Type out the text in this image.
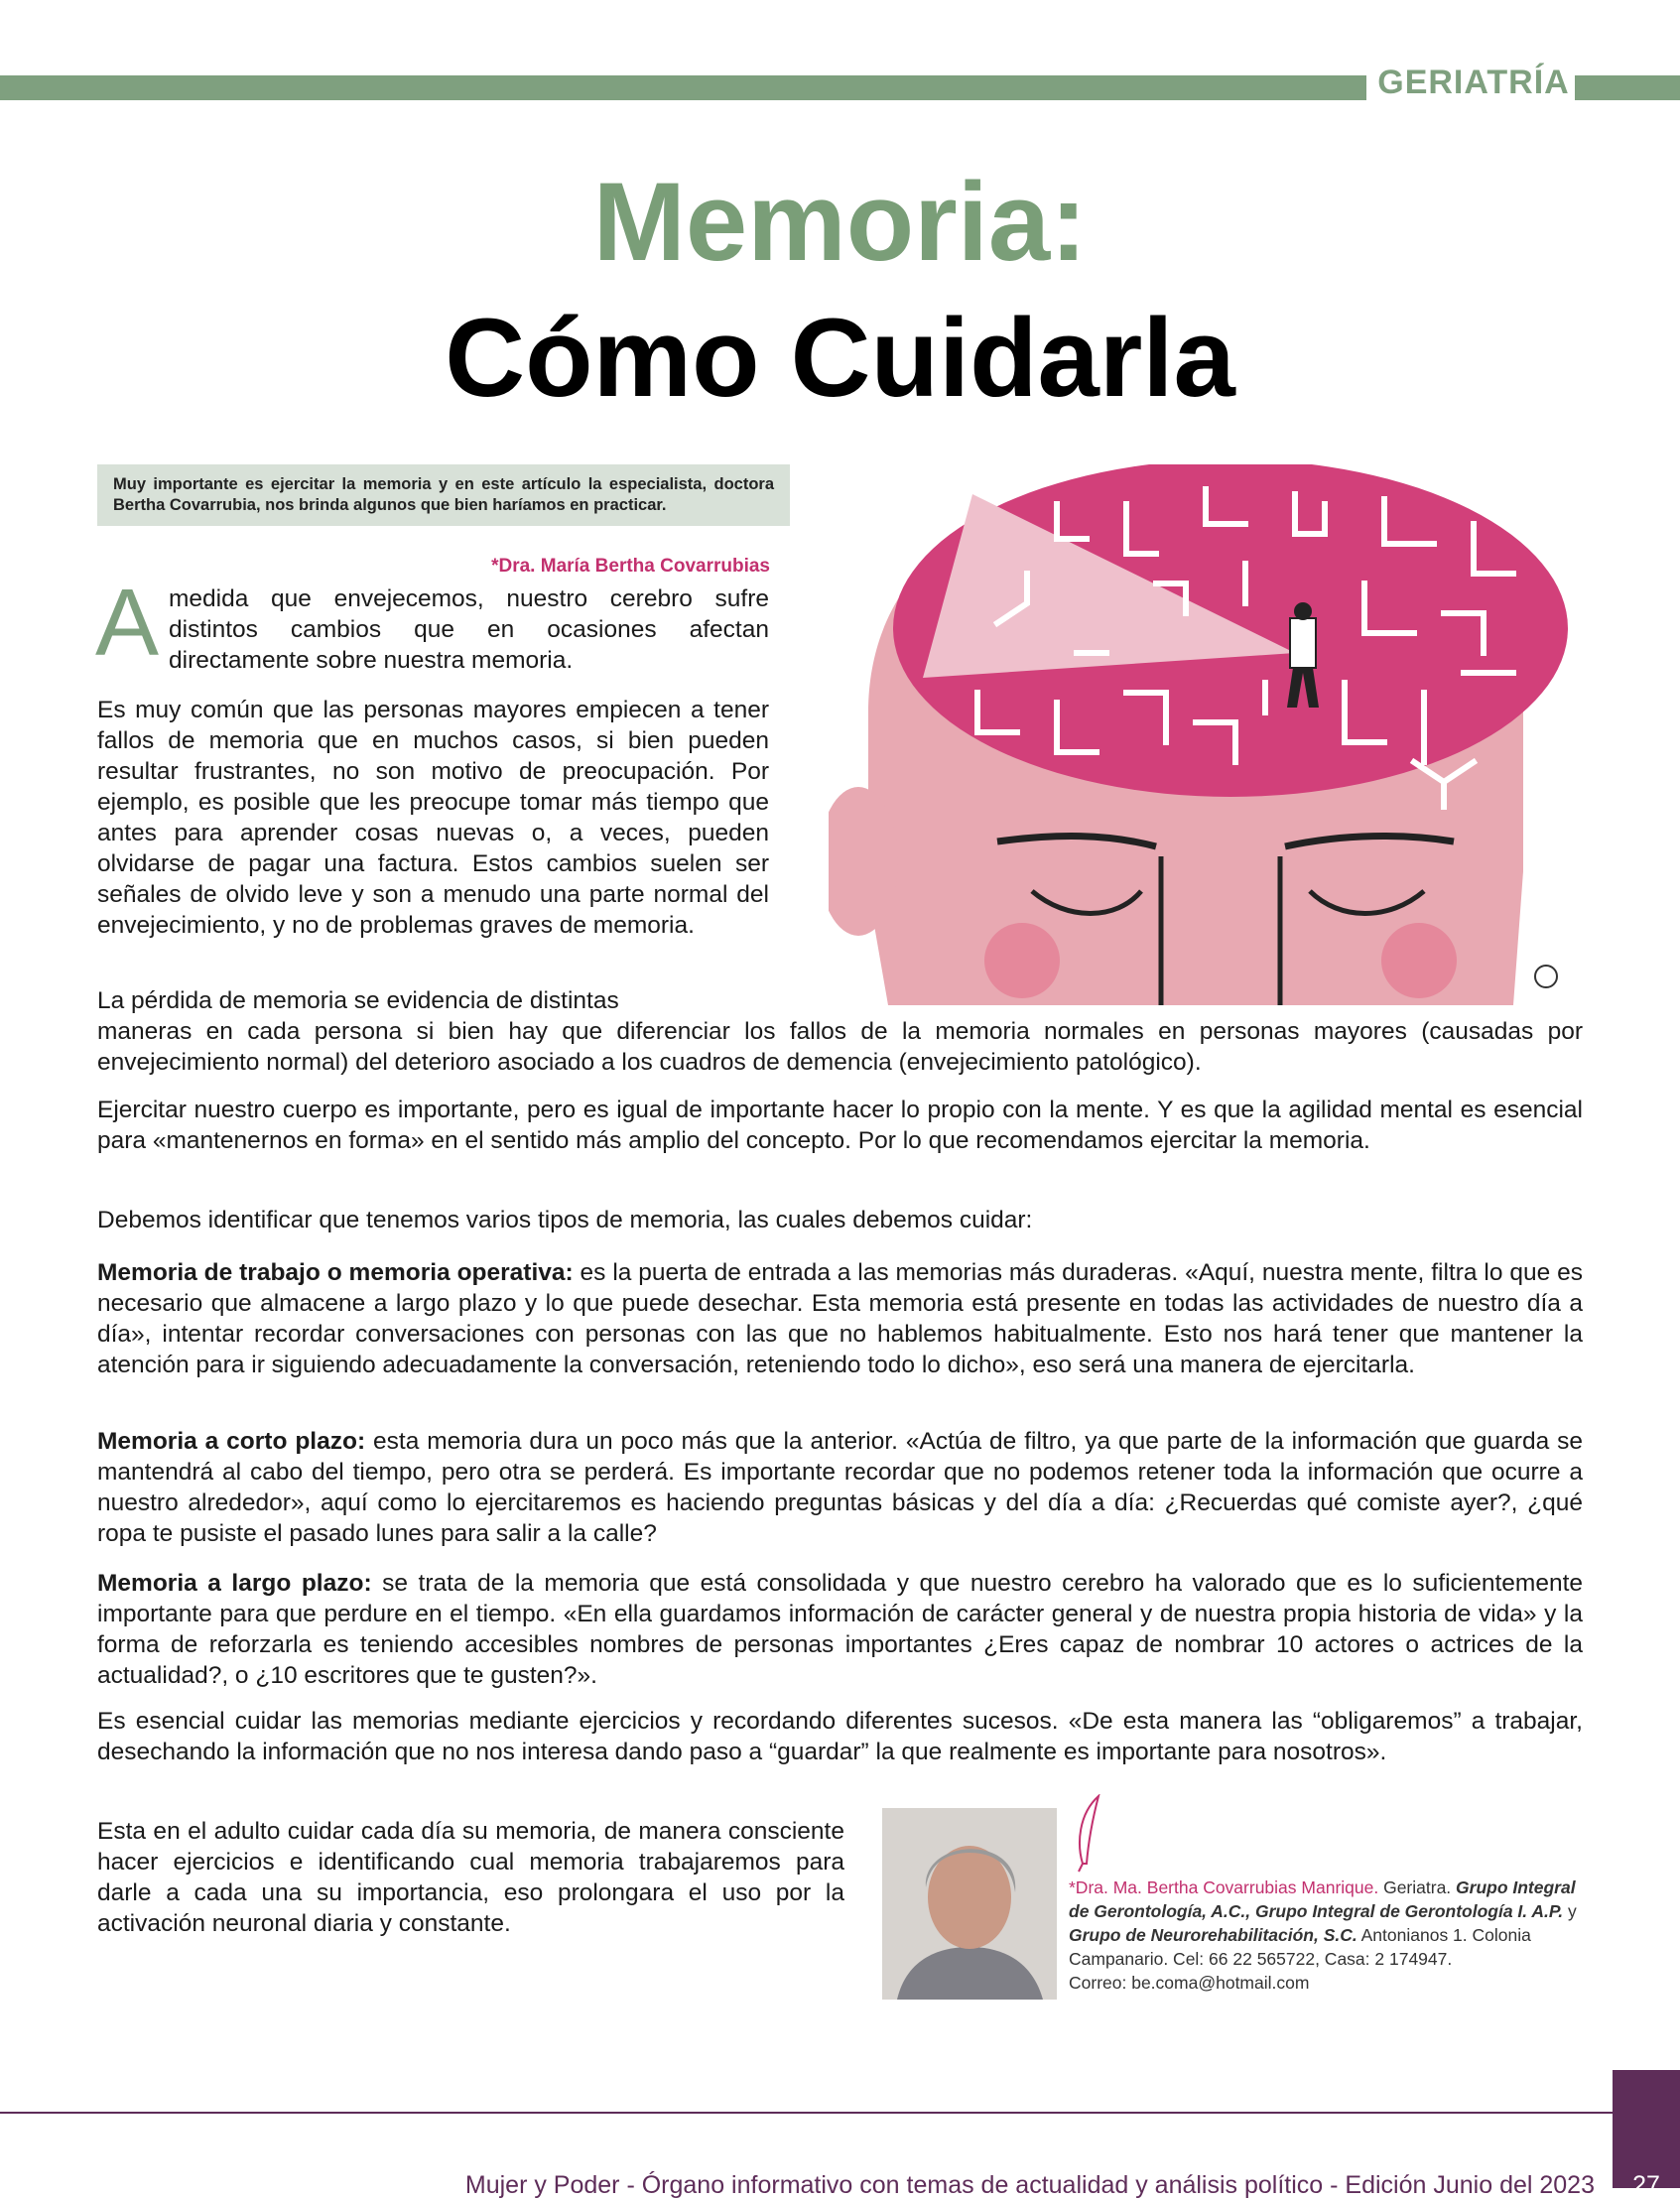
GERIATRÍA
Memoria:
Cómo Cuidarla
Muy importante es ejercitar la memoria y en este artículo la especialista, doctora Bertha Covarrubia, nos brinda algunos que bien haríamos en practicar.
*Dra. María Bertha Covarrubias
A medida que envejecemos, nuestro cerebro sufre distintos cambios que en ocasiones afectan directamente sobre nuestra memoria.

Es muy común que las personas mayores empiecen a tener fallos de memoria que en muchos casos, si bien pueden resultar frustrantes, no son motivo de preocupación. Por ejemplo, es posible que les preocupe tomar más tiempo que antes para aprender cosas nuevas o, a veces, pueden olvidarse de pagar una factura. Estos cambios suelen ser señales de olvido leve y son a menudo una parte normal del envejecimiento, y no de problemas graves de memoria.

La pérdida de memoria se evidencia de distintas

maneras en cada persona si bien hay que diferenciar los fallos de la memoria normales en personas mayores (causadas por envejecimiento normal) del deterioro asociado a los cuadros de demencia (envejecimiento patológico).

Ejercitar nuestro cuerpo es importante, pero es igual de importante hacer lo propio con la mente. Y es que la agilidad mental es esencial para «mantenernos en forma» en el sentido más amplio del concepto. Por lo que recomendamos ejercitar la memoria.

Debemos identificar que tenemos varios tipos de memoria, las cuales debemos cuidar:

Memoria de trabajo o memoria operativa: es la puerta de entrada a las memorias más duraderas. «Aquí, nuestra mente, filtra lo que es necesario que almacene a largo plazo y lo que puede desechar. Esta memoria está presente en todas las actividades de nuestro día a día», intentar recordar conversaciones con personas con las que no hablemos habitualmente. Esto nos hará tener que mantener la atención para ir siguiendo adecuadamente la conversación, reteniendo todo lo dicho», eso será una manera de ejercitarla.

Memoria a corto plazo: esta memoria dura un poco más que la anterior. «Actúa de filtro, ya que parte de la información que guarda se mantendrá al cabo del tiempo, pero otra se perderá. Es importante recordar que no podemos retener toda la información que ocurre a nuestro alrededor», aquí como lo ejercitaremos es haciendo preguntas básicas y del día a día: ¿Recuerdas qué comiste ayer?, ¿qué ropa te pusiste el pasado lunes para salir a la calle?

Memoria a largo plazo: se trata de la memoria que está consolidada y que nuestro cerebro ha valorado que es lo suficientemente importante para que perdure en el tiempo. «En ella guardamos información de carácter general y de nuestra propia historia de vida» y la forma de reforzarla es teniendo accesibles nombres de personas importantes ¿Eres capaz de nombrar 10 actores o actrices de la actualidad?, o ¿10 escritores que te gusten?».

Es esencial cuidar las memorias mediante ejercicios y recordando diferentes sucesos. «De esta manera las “obligaremos” a trabajar, desechando la información que no nos interesa dando paso a “guardar” la que realmente es importante para nosotros».

Esta en el adulto cuidar cada día su memoria, de manera consciente hacer ejercicios e identificando cual memoria trabajaremos para darle a cada una su importancia, eso prolongara el uso por la activación neuronal diaria y constante.

*Dra. Ma. Bertha Covarrubias Manrique. Geriatra. Grupo Integral de Gerontología, A.C., Grupo Integral de Gerontología I. A.P. y Grupo de Neurorehabilitación, S.C. Antonianos 1. Colonia Campanario. Cel: 66 22 565722, Casa: 2 174947.
Correo: be.coma@hotmail.com
Mujer y Poder - Órgano informativo con temas de actualidad y análisis político - Edición Junio del 2023	27
